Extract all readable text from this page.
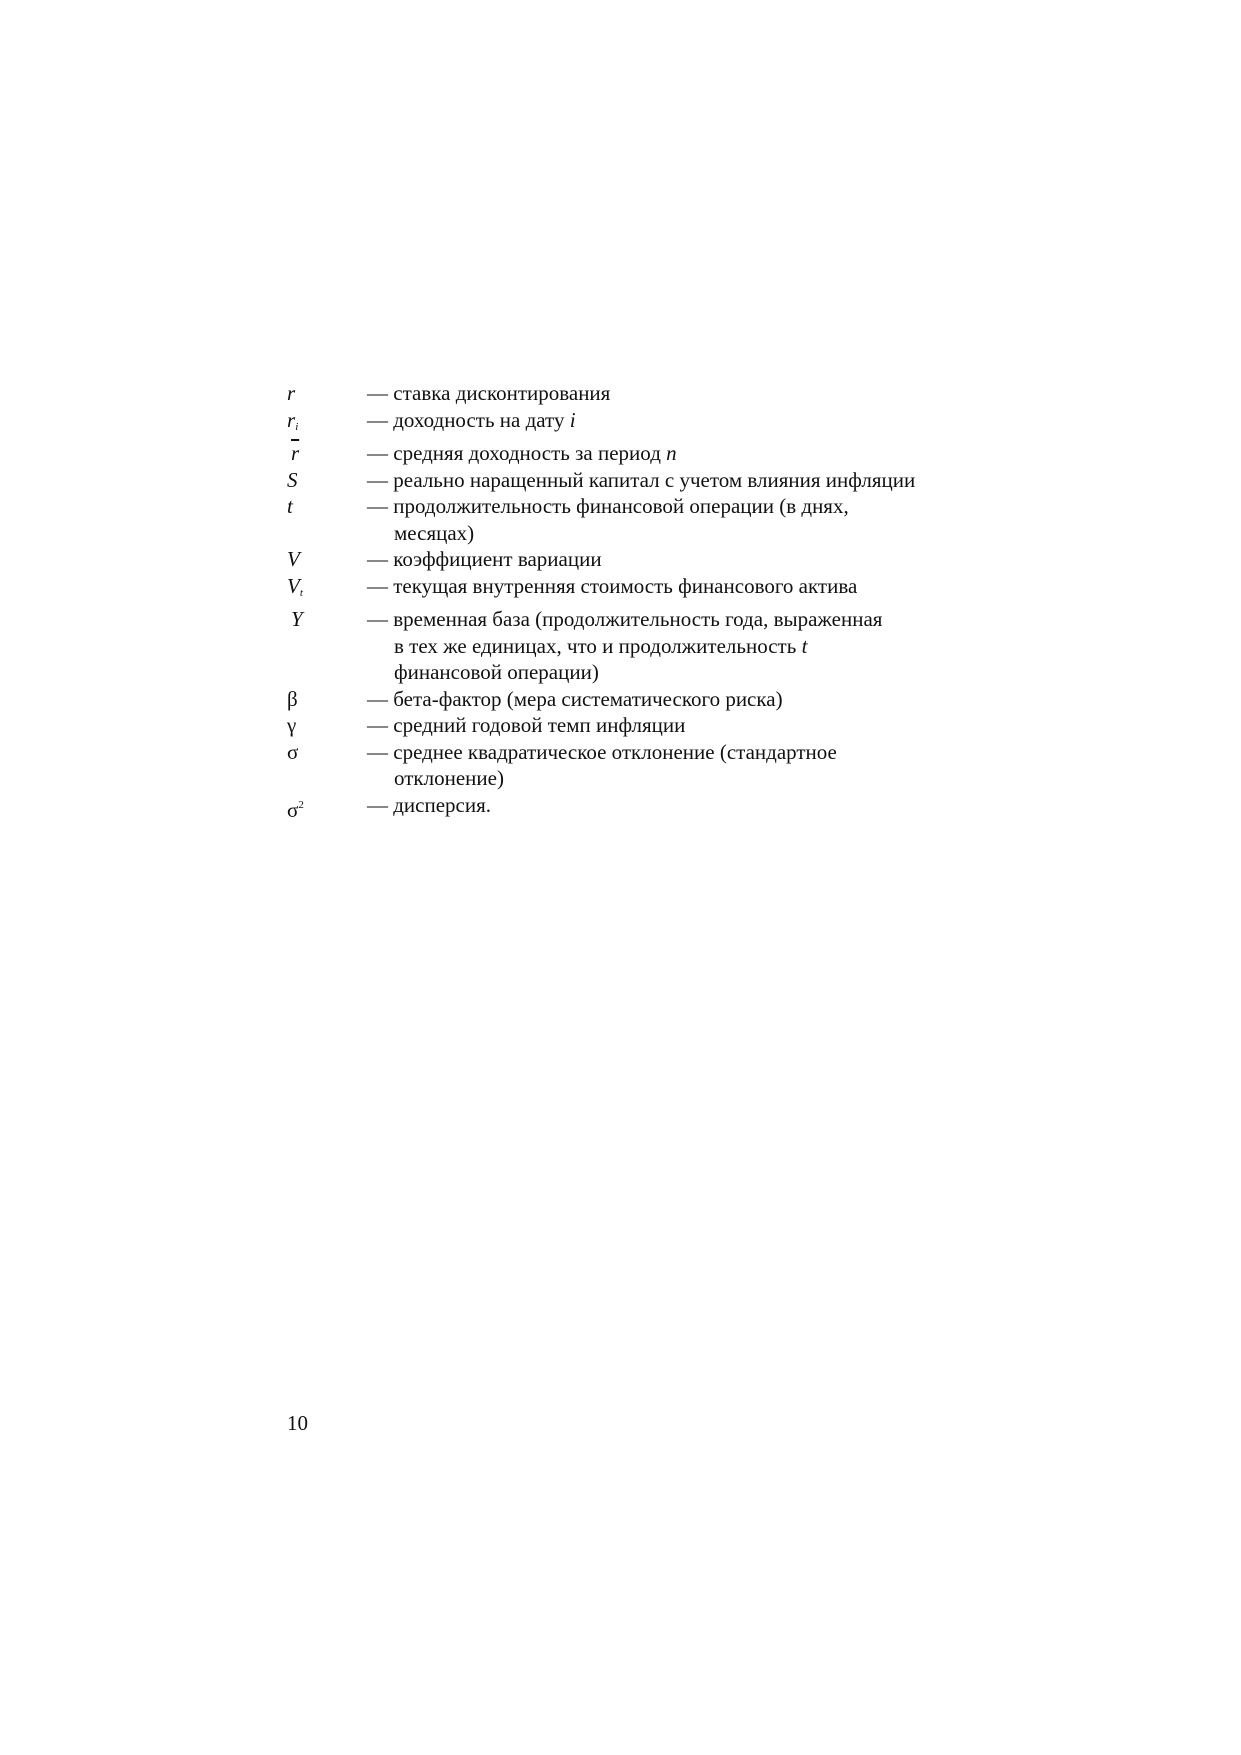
r	— ставка дисконтирования
$r_i$	— доходность на дату i
$\overline{r}$	— средняя доходность за период n
S	— реально наращенный капитал с учетом влияния инфляции
t	— продолжительность финансовой операции (в днях,
месяцах)
V	— коэффициент вариации
$V_t$	— текущая внутренняя стоимость финансового актива
Y	— временная база (продолжительность года, выраженная
в тех же единицах, что и продолжительность t
финансовой операции)
β	— бета-фактор (мера систематического риска)
γ	— средний годовой темп инфляции
σ	— среднее квадратическое отклонение (стандартное
отклонение)
$\sigma^2$	— дисперсия.
10
